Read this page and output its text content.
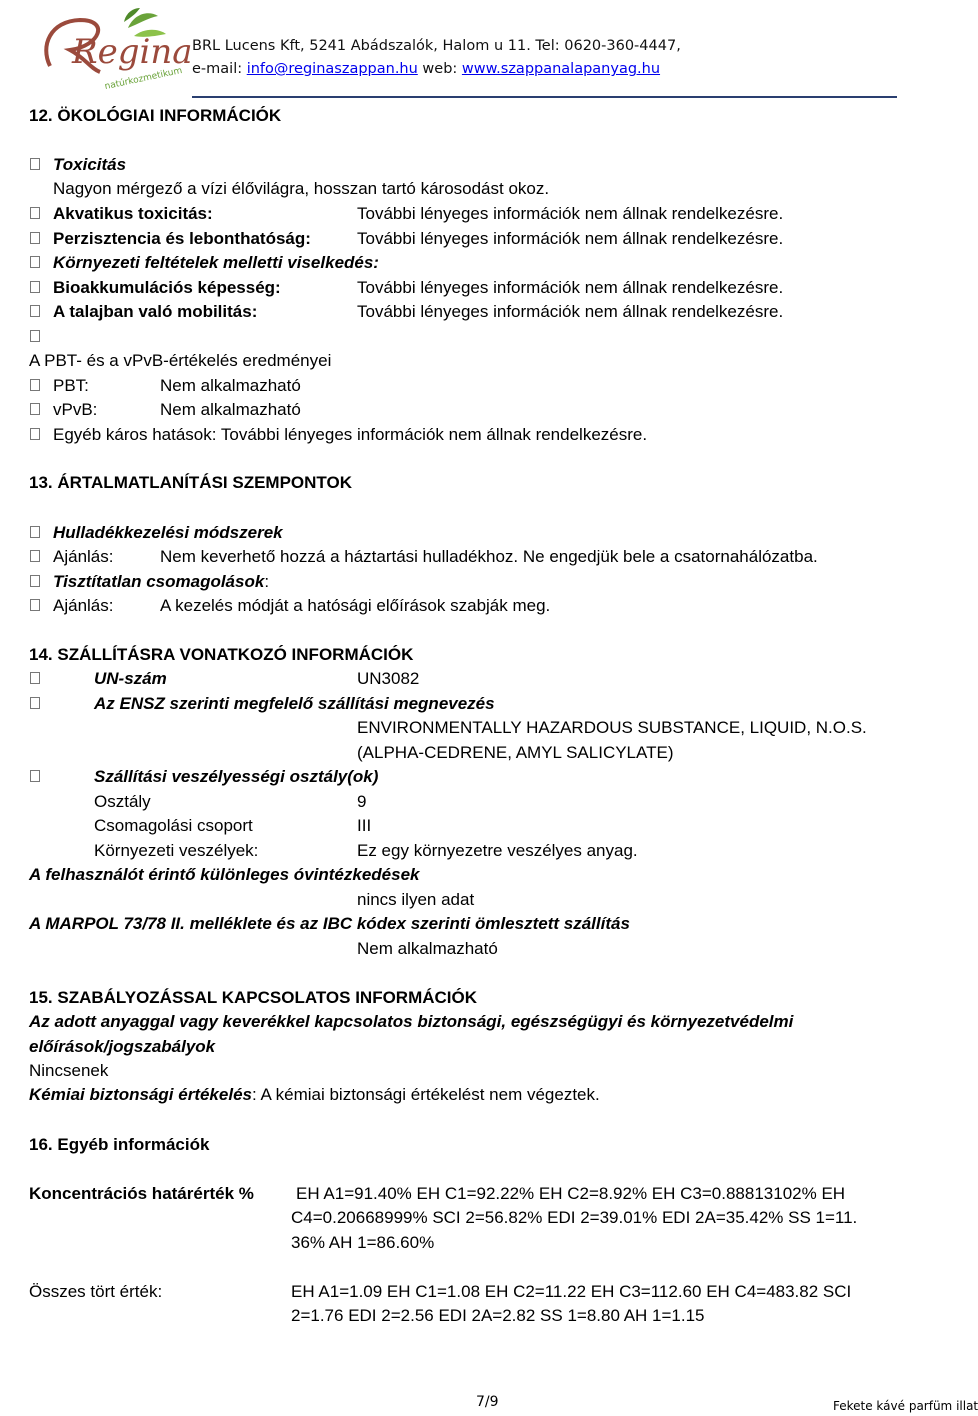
Regina
natúrkozmetikum
BRL Lucens Kft, 5241 Abádszalók, Halom u 11. Tel: 0620-360-4447,
e-mail: info@reginaszappan.hu web: www.szappanalapanyag.hu
12. ÖKOLÓGIAI INFORMÁCIÓK
Toxicitás
Nagyon mérgező a vízi élővilágra, hosszan tartó károsodást okoz.
Akvatikus toxicitás:	További lényeges információk nem állnak rendelkezésre.
Perzisztencia és lebonthatóság:	További lényeges információk nem állnak rendelkezésre.
Környezeti feltételek melletti viselkedés:
Bioakkumulációs képesség:	További lényeges információk nem állnak rendelkezésre.
A talajban való mobilitás:	További lényeges információk nem állnak rendelkezésre.
A PBT- és a vPvB-értékelés eredményei
PBT:	Nem alkalmazható
vPvB:	Nem alkalmazható
Egyéb káros hatások: További lényeges információk nem állnak rendelkezésre.
13. ÁRTALMATLANÍTÁSI SZEMPONTOK
Hulladékkezelési módszerek
Ajánlás:	Nem keverhető hozzá a háztartási hulladékhoz. Ne engedjük bele a csatornahálózatba.
Tisztítatlan csomagolások:
Ajánlás:	A kezelés módját a hatósági előírások szabják meg.
14. SZÁLLÍTÁSRA VONATKOZÓ INFORMÁCIÓK
UN-szám	UN3082
Az ENSZ szerinti megfelelő szállítási megnevezés
ENVIRONMENTALLY HAZARDOUS SUBSTANCE, LIQUID, N.O.S.
(ALPHA-CEDRENE, AMYL SALICYLATE)
Szállítási veszélyességi osztály(ok)
Osztály	9
Csomagolási csoport	III
Környezeti veszélyek:	Ez egy környezetre veszélyes anyag.
A felhasználót érintő különleges óvintézkedések
nincs ilyen adat
A MARPOL 73/78 II. melléklete és az IBC kódex szerinti ömlesztett szállítás
Nem alkalmazható
15. SZABÁLYOZÁSSAL KAPCSOLATOS INFORMÁCIÓK
Az adott anyaggal vagy keverékkel kapcsolatos biztonsági, egészségügyi és környezetvédelmi
előírások/jogszabályok
Nincsenek
Kémiai biztonsági értékelés: A kémiai biztonsági értékelést nem végeztek.
16. Egyéb információk
Koncentrációs határérték % EH A1=91.40% EH C1=92.22% EH C2=8.92% EH C3=0.88813102% EH
C4=0.20668999% SCI 2=56.82% EDI 2=39.01% EDI 2A=35.42% SS 1=11.
36% AH 1=86.60%
Összes tört érték:	EH A1=1.09 EH C1=1.08 EH C2=11.22 EH C3=112.60 EH C4=483.82 SCI
2=1.76 EDI 2=2.56 EDI 2A=2.82 SS 1=8.80 AH 1=1.15
7/9	Fekete kávé parfüm illat
